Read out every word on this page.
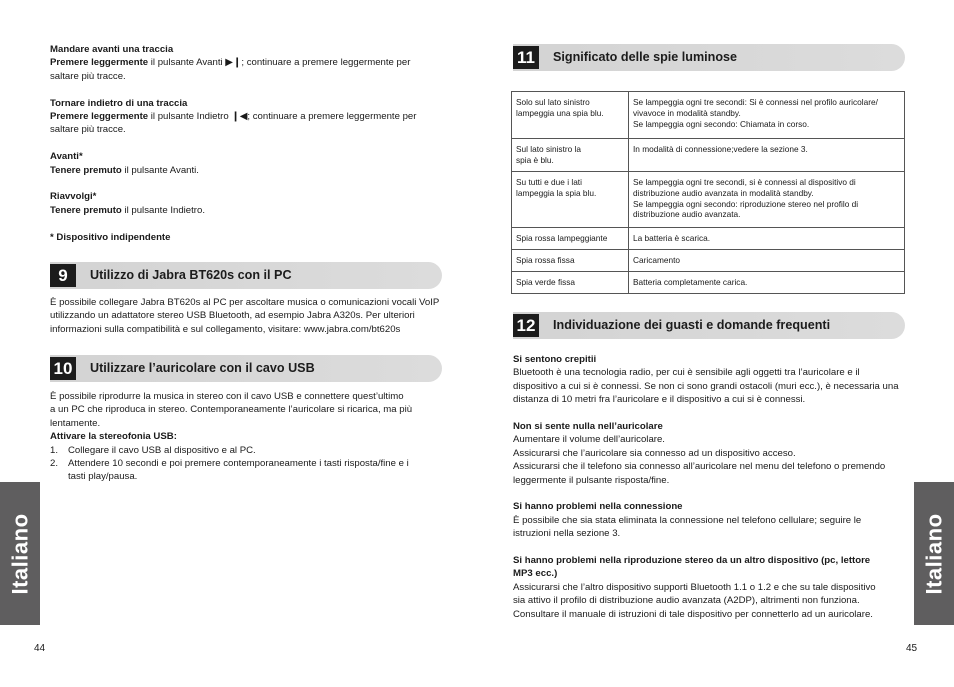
Mandare avanti una traccia

Premere leggermente il pulsante Avanti ▶❙; continuare a premere leggermente per

saltare più tracce.

Tornare indietro di una traccia

Premere leggermente il pulsante Indietro ❙◀; continuare a premere leggermente per

saltare più tracce.

Avanti*

Tenere premuto il pulsante Avanti.

Riavvolgi*

Tenere premuto il pulsante Indietro.

* Dispositivo indipendente

9	Utilizzo di Jabra BT620s con il PC

È possibile collegare Jabra BT620s al PC per ascoltare musica o comunicazioni vocali VoIP

utilizzando un adattatore stereo USB Bluetooth, ad esempio Jabra A320s. Per ulteriori

informazioni sulla compatibilità e sul collegamento, visitare: www.jabra.com/bt620s

10 Utilizzare l’auricolare con il cavo USB

È possibile riprodurre la musica in stereo con il cavo USB e connettere quest’ultimo

a un PC che riproduca in stereo. Contemporaneamente l’auricolare si ricarica, ma più

lentamente.

Attivare la stereofonia USB:

1. Collegare il cavo USB al dispositivo e al PC.
2. Attendere 10 secondi e poi premere contemporaneamente i tasti risposta/fine e i
tasti play/pausa.
Italiano
44
11	Significato delle spie luminose
Solo sul lato sinistro
lampeggia una spia blu.	Se lampeggia ogni tre secondi: Si è connessi nel profilo auricolare/
vivavoce in modalità standby.
Se lampeggia ogni secondo: Chiamata in corso.
Sul lato sinistro la
spia è blu.	In modalità di connessione;vedere la sezione 3.
Su tutti e due i lati
lampeggia la spia blu.	Se lampeggia ogni tre secondi, si è connessi al dispositivo di
distribuzione audio avanzata in modalità standby.
Se lampeggia ogni secondo: riproduzione stereo nel profilo di
distribuzione audio avanzata.
Spia rossa lampeggiante	La batteria è scarica.
Spia rossa fissa	Caricamento
Spia verde fissa	Batteria completamente carica.
12 Individuazione dei guasti e domande frequenti

Si sentono crepitii

Bluetooth è una tecnologia radio, per cui è sensibile agli oggetti tra l’auricolare e il

dispositivo a cui si è connessi. Se non ci sono grandi ostacoli (muri ecc.), è necessaria una

distanza di 10 metri fra l’auricolare e il dispositivo a cui si è connessi.

Non si sente nulla nell’auricolare

Aumentare il volume dell’auricolare.

Assicurarsi che l’auricolare sia connesso ad un dispositivo acceso.

Assicurarsi che il telefono sia connesso all’auricolare nel menu del telefono o premendo

leggermente il pulsante risposta/fine.

Si hanno problemi nella connessione

È possibile che sia stata eliminata la connessione nel telefono cellulare; seguire le

istruzioni nella sezione 3.

Si hanno problemi nella riproduzione stereo da un altro dispositivo (pc, lettore

MP3 ecc.)

Assicurarsi che l’altro dispositivo supporti Bluetooth 1.1 o 1.2 e che su tale dispositivo

sia attivo il profilo di distribuzione audio avanzata (A2DP), altrimenti non funziona.

Consultare il manuale di istruzioni di tale dispositivo per connetterlo ad un auricolare.

Italiano
45
